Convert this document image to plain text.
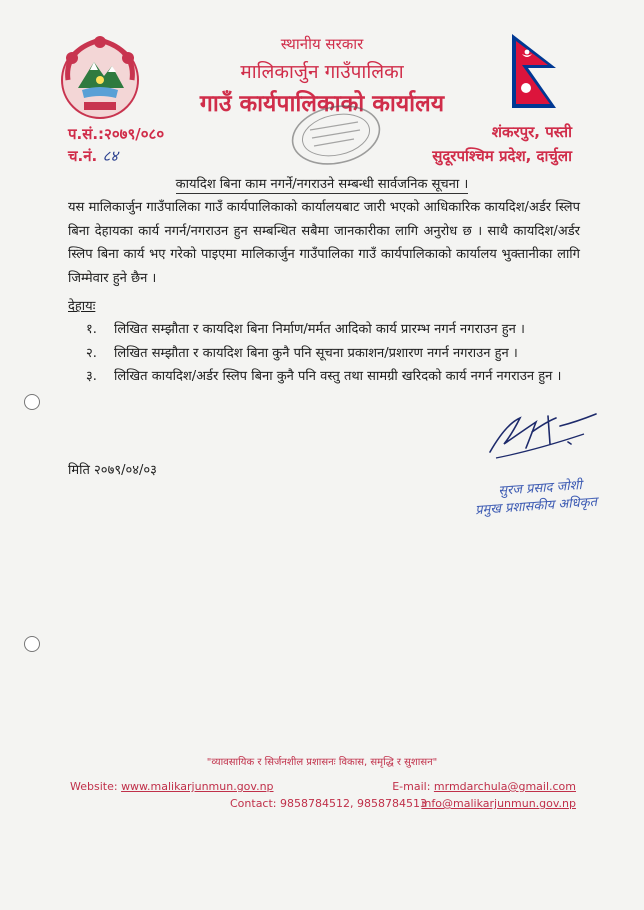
स्थानीय सरकार
मालिकार्जुन गाउँपालिका
गाउँ कार्यपालिकाको कार्यालय
प.सं.:२०७९/०८०
च.नं. ८४
शंकरपुर, पस्ती
सुदूरपश्चिम प्रदेश, दार्चुला
कायदिश बिना काम नगर्ने/नगराउने सम्बन्धी सार्वजनिक सूचना ।
यस मालिकार्जुन गाउँपालिका गाउँ कार्यपालिकाको कार्यालयबाट जारी भएको आधिकारिक कायदिश/अर्डर स्लिप बिना देहायका कार्य नगर्न/नगराउन हुन सम्बन्धित सबैमा जानकारीका लागि अनुरोध छ । साथै कायदिश/अर्डर स्लिप बिना कार्य भए गरेको पाइएमा मालिकार्जुन गाउँपालिका गाउँ कार्यपालिकाको कार्यालय भुक्तानीका लागि जिम्मेवार हुने छैन ।
देहायः
१.	लिखित सम्झौता र कायदिश बिना निर्माण/मर्मत आदिको कार्य प्रारम्भ नगर्न नगराउन हुन ।
२.	लिखित सम्झौता र कायदिश बिना कुनै पनि सूचना प्रकाशन/प्रशारण नगर्न नगराउन हुन ।
३.	लिखित कायदिश/अर्डर स्लिप बिना कुनै पनि वस्तु तथा सामग्री खरिदको कार्य नगर्न नगराउन हुन ।
मिति २०७९/०४/०३
सुरज प्रसाद जोशी
प्रमुख प्रशासकीय अधिकृत
"व्यावसायिक र सिर्जनशील प्रशासनः विकास, समृद्धि र सुशासन"
Website: www.malikarjunmun.gov.np	E-mail: mrmdarchula@gmail.com
Contact: 9858784512, 9858784513
info@malikarjunmun.gov.np
